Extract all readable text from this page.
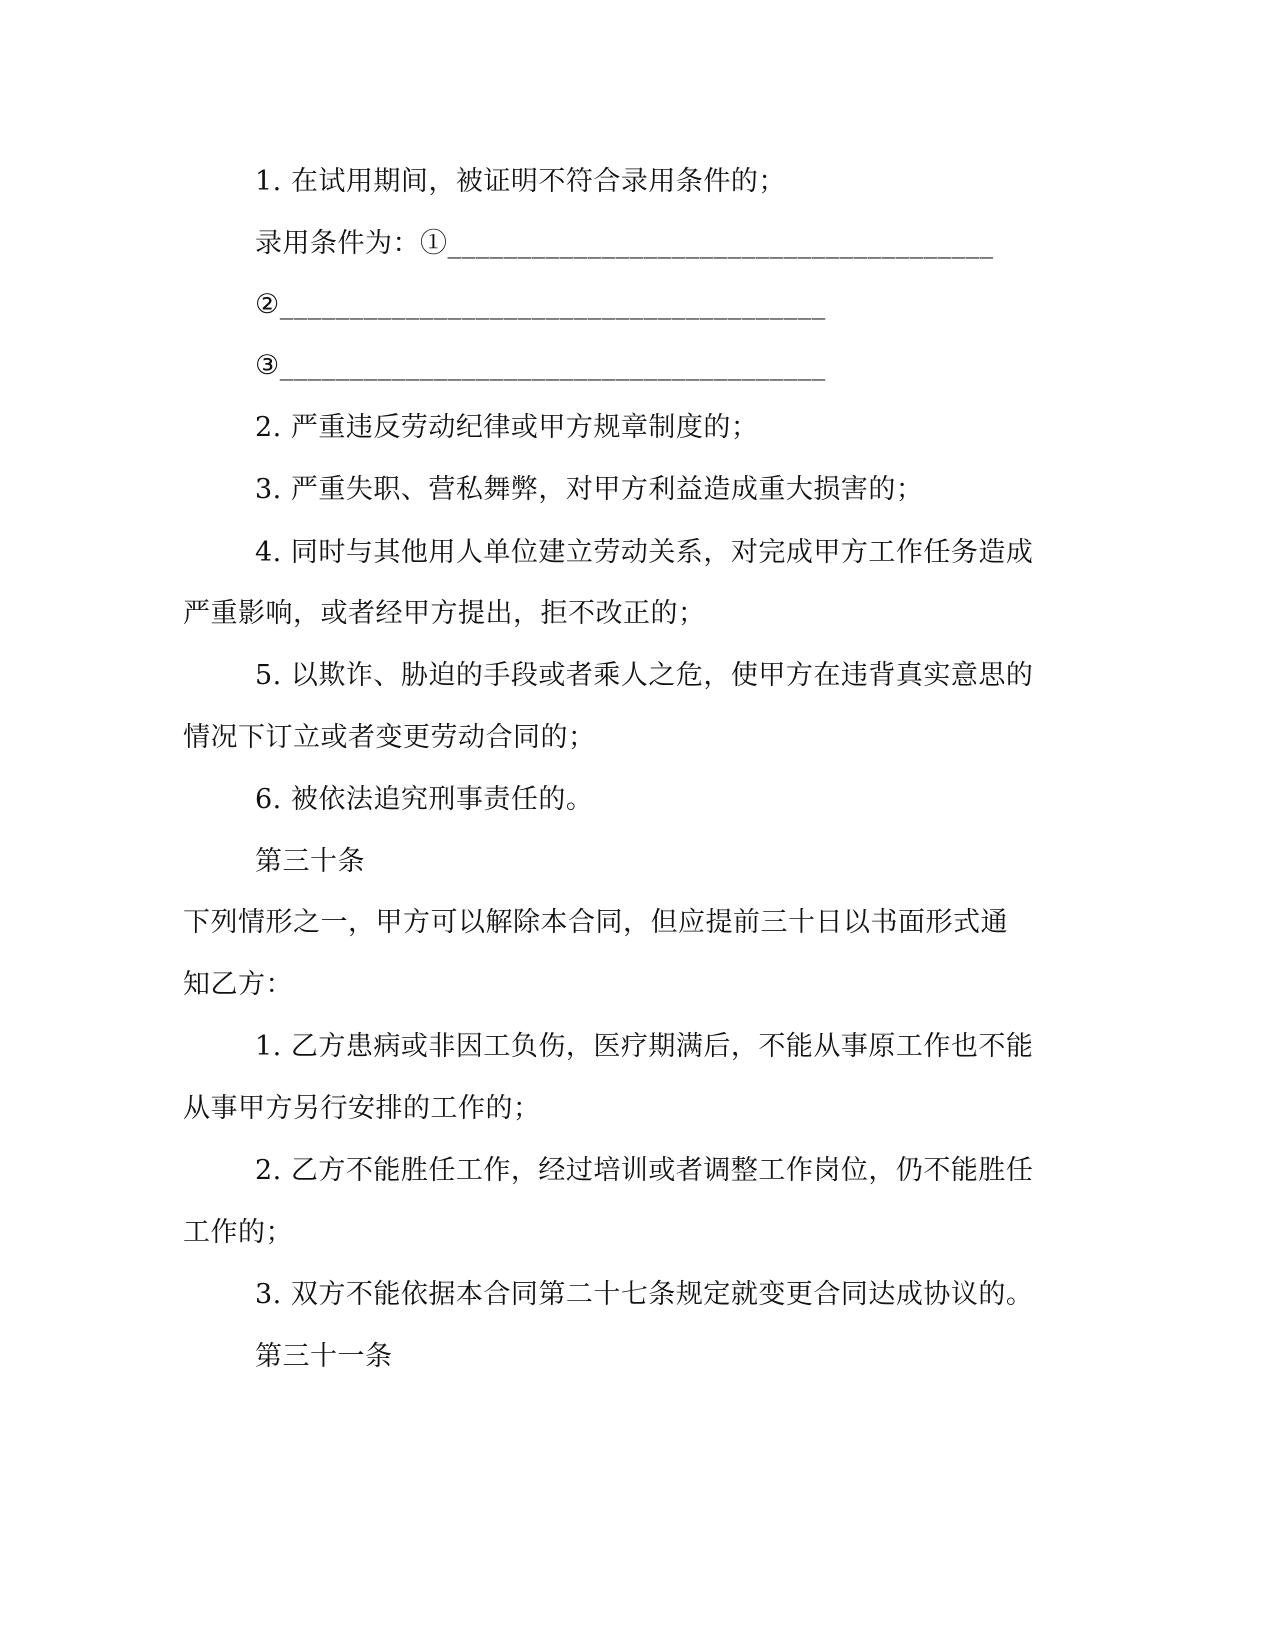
1. 在试用期间，被证明不符合录用条件的；
录用条件为：①_______________________________________
②_______________________________________
③_______________________________________
2. 严重违反劳动纪律或甲方规章制度的；
3. 严重失职、营私舞弊，对甲方利益造成重大损害的；
4. 同时与其他用人单位建立劳动关系，对完成甲方工作任务造成
严重影响，或者经甲方提出，拒不改正的；
5. 以欺诈、胁迫的手段或者乘人之危，使甲方在违背真实意思的
情况下订立或者变更劳动合同的；
6. 被依法追究刑事责任的。
第三十条
下列情形之一，甲方可以解除本合同，但应提前三十日以书面形式通
知乙方：
1. 乙方患病或非因工负伤，医疗期满后，不能从事原工作也不能
从事甲方另行安排的工作的；
2. 乙方不能胜任工作，经过培训或者调整工作岗位，仍不能胜任
工作的；
3. 双方不能依据本合同第二十七条规定就变更合同达成协议的。
第三十一条
